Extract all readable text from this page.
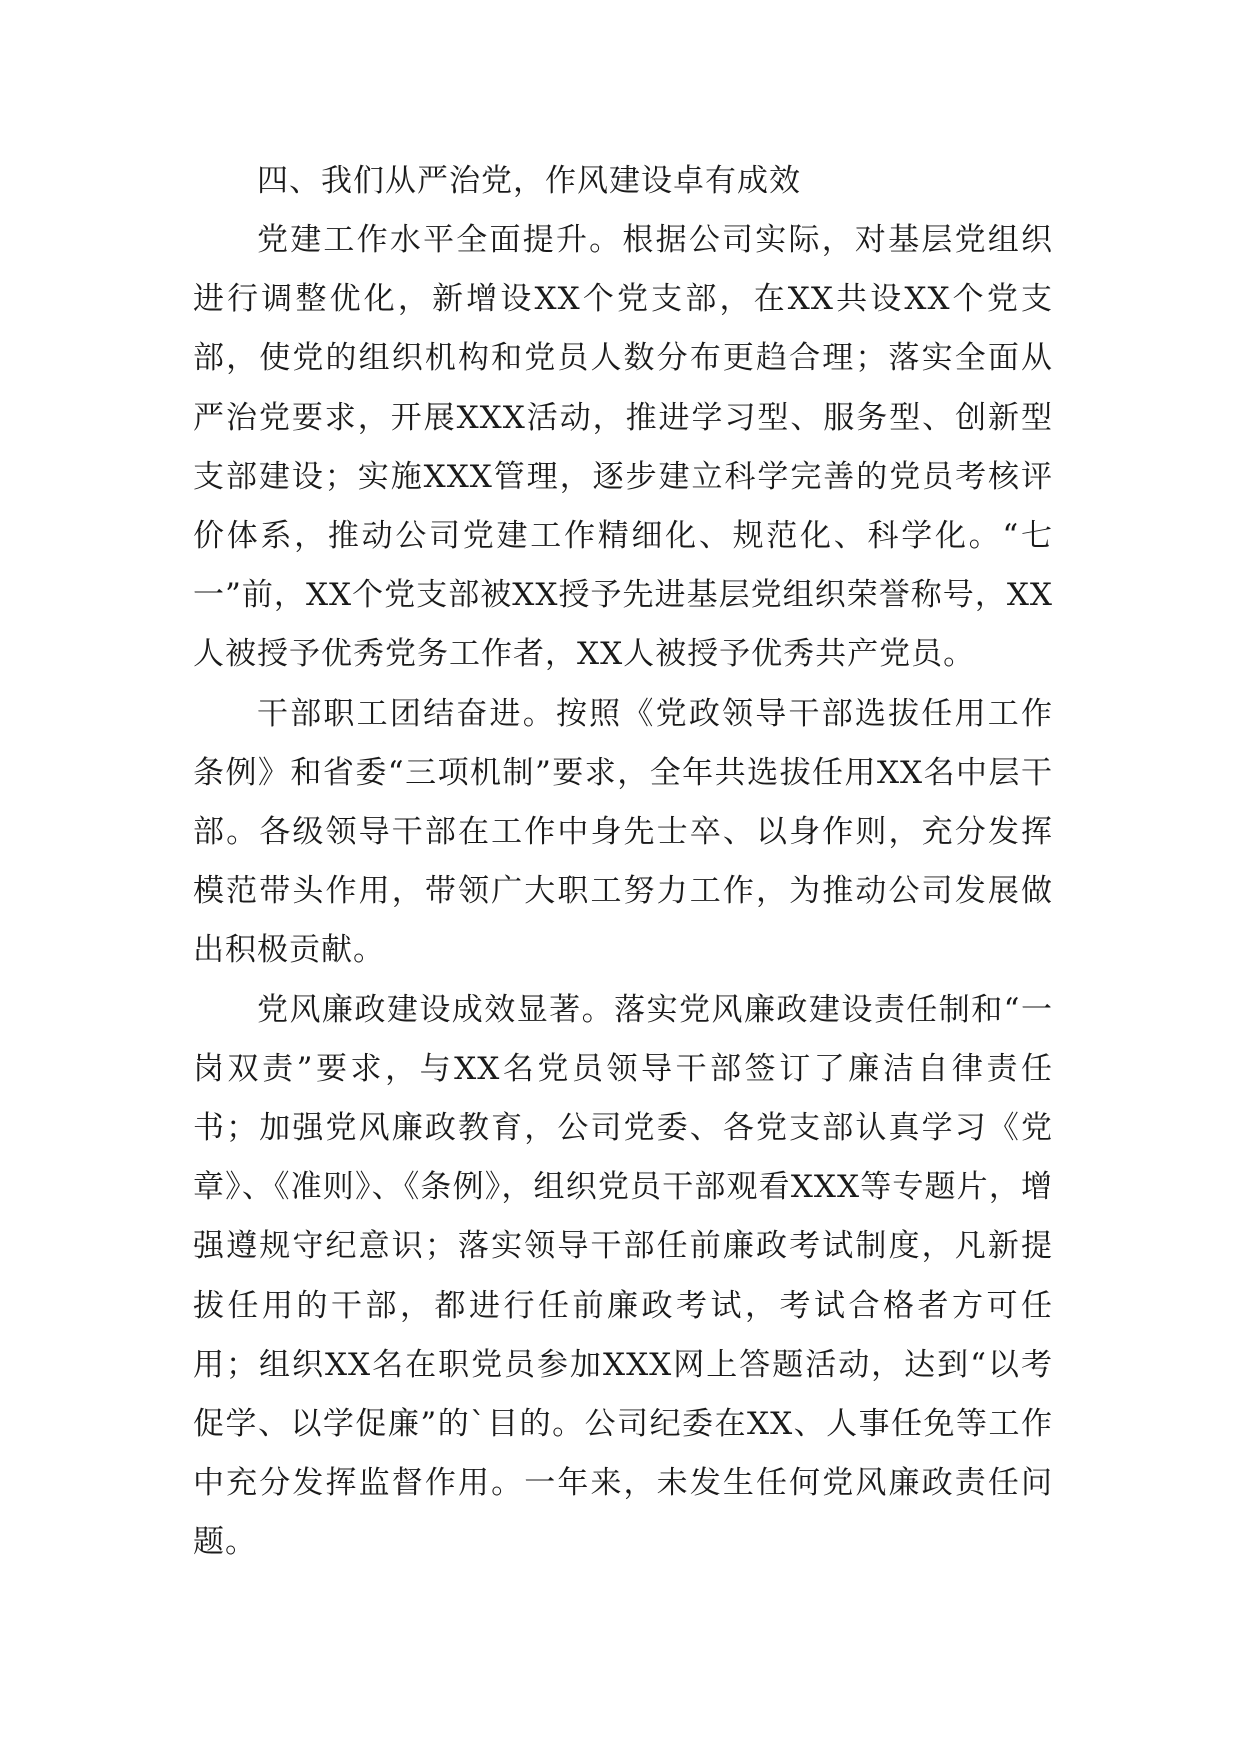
四、我们从严治党，作风建设卓有成效

党建工作水平全面提升。根据公司实际，对基层党组织进行调整优化，新增设XX个党支部，在XX共设XX个党支部，使党的组织机构和党员人数分布更趋合理；落实全面从严治党要求，开展XXX活动，推进学习型、服务型、创新型支部建设；实施XXX管理，逐步建立科学完善的党员考核评价体系，推动公司党建工作精细化、规范化、科学化。“七一”前，XX个党支部被XX授予先进基层党组织荣誉称号，XX人被授予优秀党务工作者，XX人被授予优秀共产党员。

干部职工团结奋进。按照《党政领导干部选拔任用工作条例》和省委“三项机制”要求，全年共选拔任用XX名中层干部。各级领导干部在工作中身先士卒、以身作则，充分发挥模范带头作用，带领广大职工努力工作，为推动公司发展做出积极贡献。

党风廉政建设成效显著。落实党风廉政建设责任制和“一岗双责”要求，与XX名党员领导干部签订了廉洁自律责任书；加强党风廉政教育，公司党委、各党支部认真学习《党章》、《准则》、《条例》，组织党员干部观看XXX等专题片，增强遵规守纪意识；落实领导干部任前廉政考试制度，凡新提拔任用的干部，都进行任前廉政考试，考试合格者方可任用；组织XX名在职党员参加XXX网上答题活动，达到“以考促学、以学促廉”的`目的。公司纪委在XX、人事任免等工作中充分发挥监督作用。一年来，未发生任何党风廉政责任问题。
